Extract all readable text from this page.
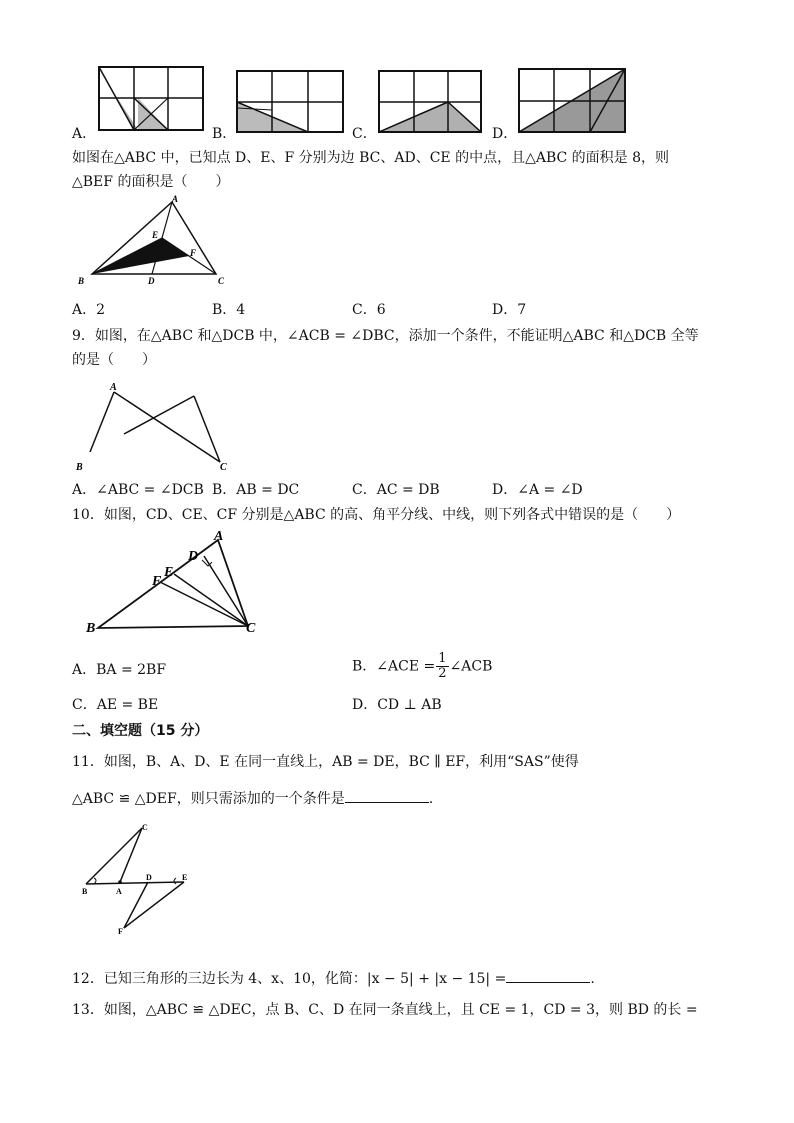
A．	B．	C．	D．
如图在△ABC 中，已知点 D、E、F 分别为边 BC、AD、CE 的中点，且△ABC 的面积是 8，则
△BEF 的面积是（　　）
A
B	C
D
E
F
A．2	B．4	C．6	D．7
9．如图，在△ABC 和△DCB 中，∠ACB = ∠DBC，添加一个条件，不能证明△ABC 和△DCB 全等
的是（　　）
A
B	C
A．∠ABC = ∠DCB B．AB = DC	C．AC = DB	D．∠A = ∠D
10．如图，CD、CE、CF 分别是△ABC 的高、角平分线、中线，则下列各式中错误的是（　　）
A
B	C
D
E
F
A．BA = 2BF	B．∠ACE = $\frac{1}{2}$ ∠ACB
C．AE = BE	D．CD ⊥ AB
二、填空题（15 分）
11．如图，B、A、D、E 在同一直线上，AB = DE，BC ∥ EF，利用“SAS”使得
△ABC ≌ △DEF，则只需添加的一个条件是	.
C
B	A
D	E
F
12．已知三角形的三边长为 4、x、10，化简：|x − 5| + |x − 15| =	.
13．如图，△ABC ≌ △DEC，点 B、C、D 在同一条直线上，且 CE = 1，CD = 3，则 BD 的长 =
